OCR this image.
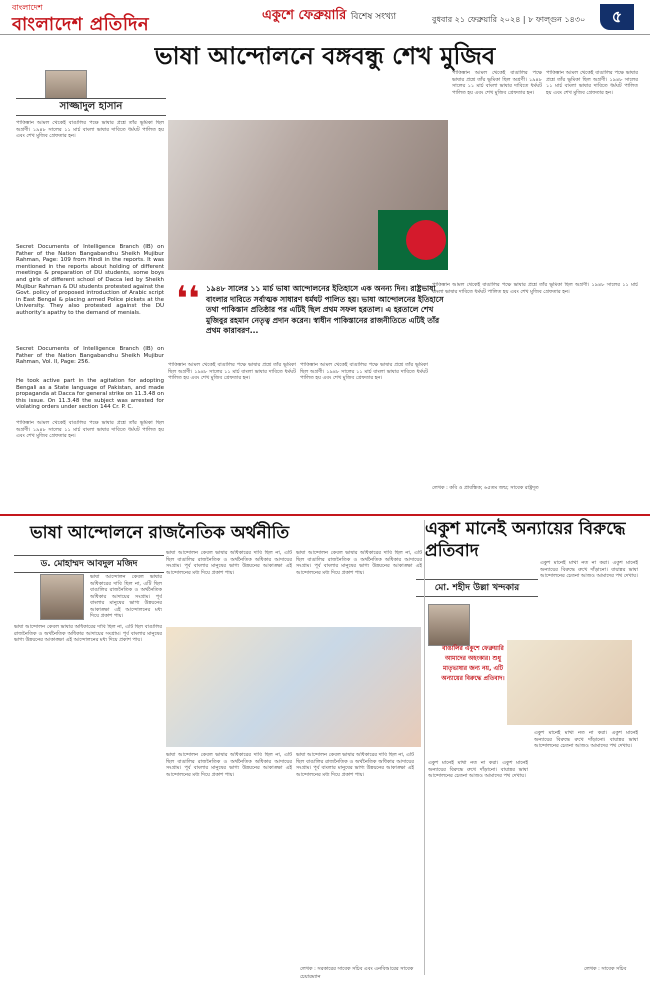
বাংলাদেশ
বাংলাদেশ প্রতিদিন	একুশে ফেব্রুয়ারি বিশেষ সংখ্যা	বুধবার ২১ ফেব্রুয়ারি ২০২৪ | ৮ ফাল্গুন ১৪৩০	৫
ভাষা আন্দোলনে বঙ্গবন্ধু শেখ মুজিব
সাজ্জাদুল হাসান

পাকিস্তান আমল থেকেই বাঙালির পক্ষে ভাষার প্রশ্নে তাঁর ভূমিকা ছিল অগ্রণী। ১৯৪৮ সালের ১১ মার্চ বাংলা ভাষার দাবিতে ধর্মঘট পালিত হয় এবং শেখ মুজিব গ্রেফতার হন।

Secret Documents of Intelligence Branch (IB) on Father of the Nation Bangabandhu Sheikh Mujibur Rahman, Page: 109 from Hindi in the reports. It was mentioned in the reports about holding of different meetings & preparation of DU students, some boys and girls of different school of Dacca led by Sheikh Mujibur Rahman & DU students protested against the Govt. policy of proposed introduction of Arabic script in East Bengal & placing armed Police pickets at the University. They also protested against the DU authority's apathy to the demand of menials.
Secret Documents of Intelligence Branch (IB) on Father of the Nation Bangabandhu Sheikh Mujibur Rahman, Vol. II, Page: 256.
He took active part in the agitation for adopting Bengali as a State language of Pakistan, and made propaganda at Dacca for general strike on 11.3.48 on this issue. On 11.3.48 the subject was arrested for violating orders under section 144 Cr. P. C.

পাকিস্তান আমল থেকেই বাঙালির পক্ষে ভাষার প্রশ্নে তাঁর ভূমিকা ছিল অগ্রণী। ১৯৪৮ সালের ১১ মার্চ বাংলা ভাষার দাবিতে ধর্মঘট পালিত হয় এবং শেখ মুজিব গ্রেফতার হন।

পাকিস্তান আমল থেকেই বাঙালির পক্ষে ভাষার প্রশ্নে তাঁর ভূমিকা ছিল অগ্রণী। ১৯৪৮ সালের ১১ মার্চ বাংলা ভাষার দাবিতে ধর্মঘট পালিত হয় এবং শেখ মুজিব গ্রেফতার হন।

পাকিস্তান আমল থেকেই বাঙালির পক্ষে ভাষার প্রশ্নে তাঁর ভূমিকা ছিল অগ্রণী। ১৯৪৮ সালের ১১ মার্চ বাংলা ভাষার দাবিতে ধর্মঘট পালিত হয় এবং শেখ মুজিব গ্রেফতার হন।

❛❛ ১৯৪৮ সালের ১১ মার্চ ভাষা আন্দোলনের ইতিহাসে এক অনন্য দিন। রাষ্ট্রভাষা বাংলার দাবিতে সর্বাত্মক সাধারণ ধর্মঘট পালিত হয়। ভাষা আন্দোলনের ইতিহাসে তথা পাকিস্তান প্রতিষ্ঠার পর এটিই ছিল প্রথম সফল হরতাল। এ হরতালে শেখ মুজিবুর রহমান নেতৃত্ব প্রদান করেন। স্বাধীন পাকিস্তানের রাজনীতিতে এটিই তাঁর প্রথম কারাবরণ...

পাকিস্তান আমল থেকেই বাঙালির পক্ষে ভাষার প্রশ্নে তাঁর ভূমিকা ছিল অগ্রণী। ১৯৪৮ সালের ১১ মার্চ বাংলা ভাষার দাবিতে ধর্মঘট পালিত হয় এবং শেখ মুজিব গ্রেফতার হন।

পাকিস্তান আমল থেকেই বাঙালির পক্ষে ভাষার প্রশ্নে তাঁর ভূমিকা ছিল অগ্রণী। ১৯৪৮ সালের ১১ মার্চ বাংলা ভাষার দাবিতে ধর্মঘট পালিত হয় এবং শেখ মুজিব গ্রেফতার হন।

পাকিস্তান আমল থেকেই বাঙালির পক্ষে ভাষার প্রশ্নে তাঁর ভূমিকা ছিল অগ্রণী। ১৯৪৮ সালের ১১ মার্চ বাংলা ভাষার দাবিতে ধর্মঘট পালিত হয় এবং শেখ মুজিব গ্রেফতার হন।

লেখক : কবি ও প্রাবন্ধিক; ৬৫তম জন্ম; সাবেক রাষ্ট্রদূত
ভাষা আন্দোলনে রাজনৈতিক অর্থনীতি
ড. মোহাম্মদ আবদুল মজিদ
ভাষা আন্দোলন কেবল ভাষার অধিকারের দাবি ছিল না, এটি ছিল বাঙালির রাজনৈতিক ও অর্থনৈতিক অধিকার আদায়ের সংগ্রাম। পূর্ব বাংলার মানুষের ভাগ্য উন্নয়নের আকাঙ্ক্ষা এই আন্দোলনের মধ্য দিয়ে প্রকাশ পায়।

ভাষা আন্দোলন কেবল ভাষার অধিকারের দাবি ছিল না, এটি ছিল বাঙালির রাজনৈতিক ও অর্থনৈতিক অধিকার আদায়ের সংগ্রাম। পূর্ব বাংলার মানুষের ভাগ্য উন্নয়নের আকাঙ্ক্ষা এই আন্দোলনের মধ্য দিয়ে প্রকাশ পায়।

ভাষা আন্দোলন কেবল ভাষার অধিকারের দাবি ছিল না, এটি ছিল বাঙালির রাজনৈতিক ও অর্থনৈতিক অধিকার আদায়ের সংগ্রাম। পূর্ব বাংলার মানুষের ভাগ্য উন্নয়নের আকাঙ্ক্ষা এই আন্দোলনের মধ্য দিয়ে প্রকাশ পায়।

ভাষা আন্দোলন কেবল ভাষার অধিকারের দাবি ছিল না, এটি ছিল বাঙালির রাজনৈতিক ও অর্থনৈতিক অধিকার আদায়ের সংগ্রাম। পূর্ব বাংলার মানুষের ভাগ্য উন্নয়নের আকাঙ্ক্ষা এই আন্দোলনের মধ্য দিয়ে প্রকাশ পায়।

ভাষা আন্দোলন কেবল ভাষার অধিকারের দাবি ছিল না, এটি ছিল বাঙালির রাজনৈতিক ও অর্থনৈতিক অধিকার আদায়ের সংগ্রাম। পূর্ব বাংলার মানুষের ভাগ্য উন্নয়নের আকাঙ্ক্ষা এই আন্দোলনের মধ্য দিয়ে প্রকাশ পায়।

ভাষা আন্দোলন কেবল ভাষার অধিকারের দাবি ছিল না, এটি ছিল বাঙালির রাজনৈতিক ও অর্থনৈতিক অধিকার আদায়ের সংগ্রাম। পূর্ব বাংলার মানুষের ভাগ্য উন্নয়নের আকাঙ্ক্ষা এই আন্দোলনের মধ্য দিয়ে প্রকাশ পায়।

লেখক : সরকারের সাবেক সচিব এবং এনবিআরের সাবেক চেয়ারম্যান
একুশ মানেই অন্যায়ের বিরুদ্ধে প্রতিবাদ
মো. শহীদ উল্লা খন্দকার
একুশ মানেই মাথা নত না করা। একুশ মানেই অন্যায়ের বিরুদ্ধে রুখে দাঁড়ানো। বায়ান্নর ভাষা আন্দোলনের চেতনা আজও আমাদের পথ দেখায়।
বাঙালির একুশে ফেব্রুয়ারি আমাদের অহংকার। শুধু মাতৃভাষার জন্য নয়, এটি অন্যায়ের বিরুদ্ধে প্রতিবাদ।

একুশ মানেই মাথা নত না করা। একুশ মানেই অন্যায়ের বিরুদ্ধে রুখে দাঁড়ানো। বায়ান্নর ভাষা আন্দোলনের চেতনা আজও আমাদের পথ দেখায়।

একুশ মানেই মাথা নত না করা। একুশ মানেই অন্যায়ের বিরুদ্ধে রুখে দাঁড়ানো। বায়ান্নর ভাষা আন্দোলনের চেতনা আজও আমাদের পথ দেখায়।

লেখক : সাবেক সচিব
